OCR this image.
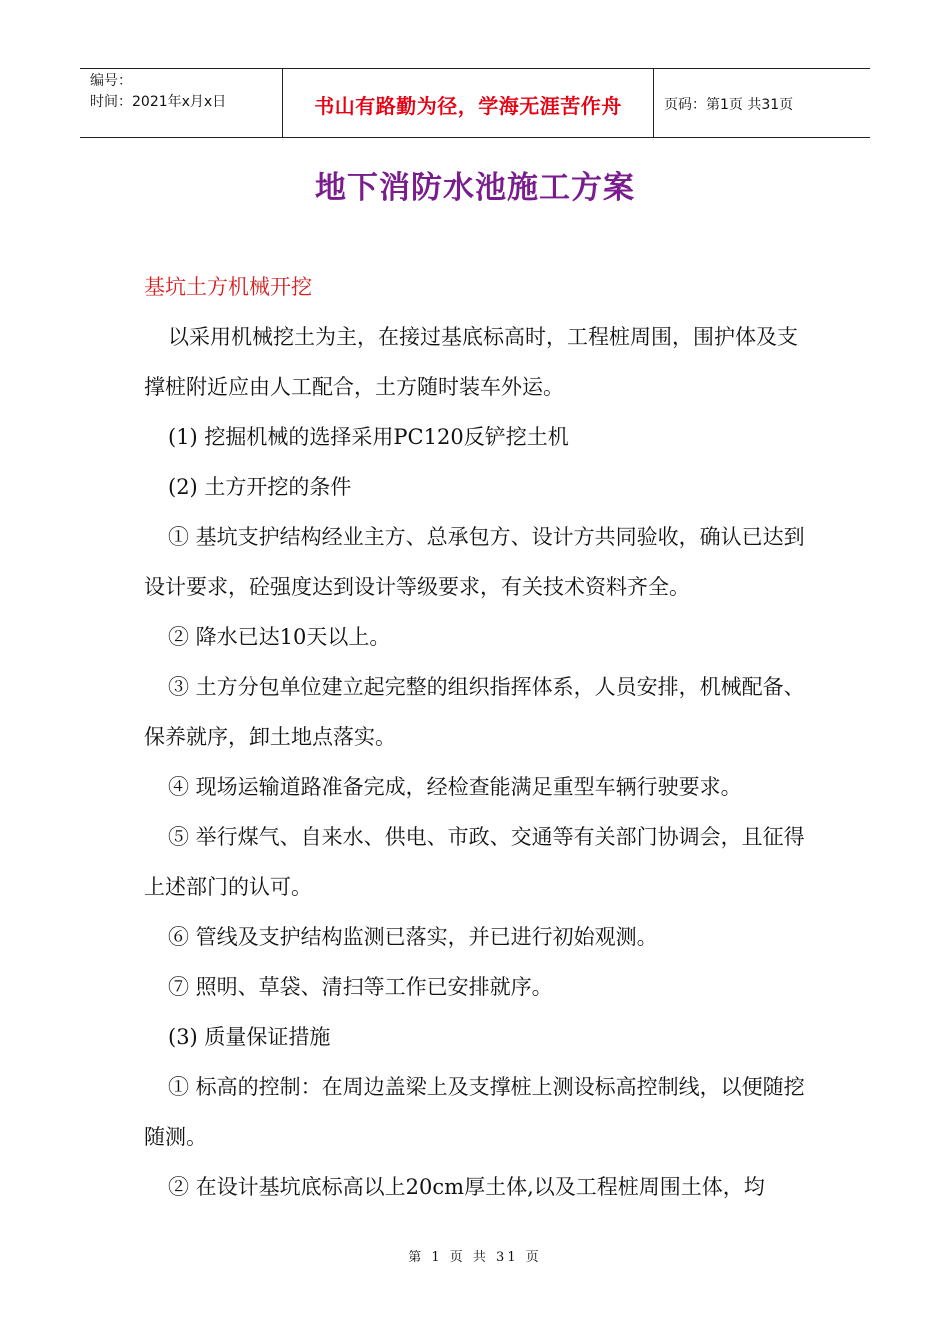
编号：
时间：2021年x月x日	书山有路勤为径，学海无涯苦作舟	页码：第1页 共31页
地下消防水池施工方案

基坑土方机械开挖

以采用机械挖土为主，在接过基底标高时，工程桩周围，围护体及支撑桩附近应由人工配合，土方随时装车外运。

(1) 挖掘机械的选择采用PC120反铲挖土机

(2) 土方开挖的条件

① 基坑支护结构经业主方、总承包方、设计方共同验收，确认已达到设计要求，砼强度达到设计等级要求，有关技术资料齐全。

② 降水已达10天以上。

③ 土方分包单位建立起完整的组织指挥体系，人员安排，机械配备、保养就序，卸土地点落实。

④ 现场运输道路准备完成，经检查能满足重型车辆行驶要求。

⑤ 举行煤气、自来水、供电、市政、交通等有关部门协调会，且征得上述部门的认可。

⑥ 管线及支护结构监测已落实，并已进行初始观测。

⑦ 照明、草袋、清扫等工作已安排就序。

(3) 质量保证措施

① 标高的控制：在周边盖梁上及支撑桩上测设标高控制线，以便随挖随测。

② 在设计基坑底标高以上20cm厚土体,以及工程桩周围土体，均

第 1 页 共 31 页
